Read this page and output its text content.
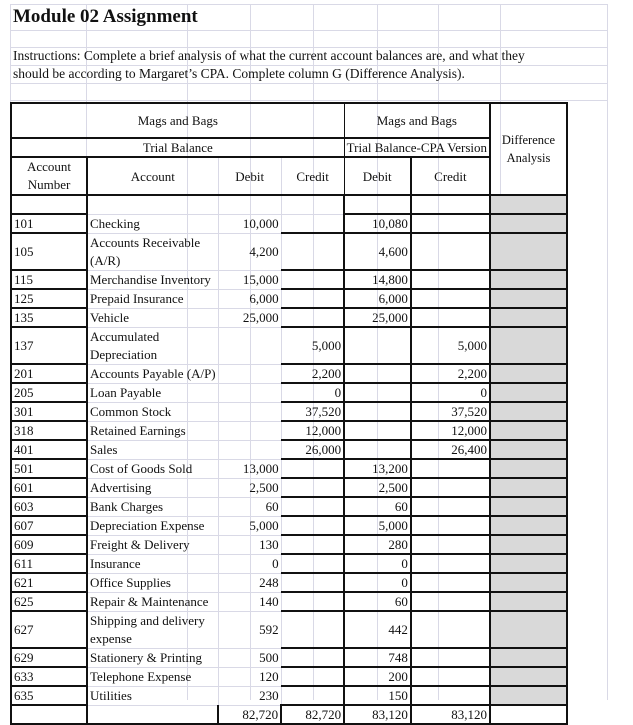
Module 02 Assignment
Instructions: Complete a brief analysis of what the current account balances are, and what they
should be according to Margaret’s CPA. Complete column G (Difference Analysis).
Mags and Bags				Mags and Bags		Difference Analysis
Trial Balance				Trial Balance-CPA Version		
Account Number	Account	Debit	Credit	Debit	Credit	

101	Checking	10,000		10,080		
105	Accounts Receivable (A/R)	4,200		4,600		
115	Merchandise Inventory	15,000		14,800		
125	Prepaid Insurance	6,000		6,000		
135	Vehicle	25,000		25,000		
137	Accumulated Depreciation		5,000		5,000	
201	Accounts Payable (A/P)		2,200		2,200	
205	Loan Payable		0		0	
301	Common Stock		37,520		37,520	
318	Retained Earnings		12,000		12,000	
401	Sales		26,000		26,400	
501	Cost of Goods Sold	13,000		13,200		
601	Advertising	2,500		2,500		
603	Bank Charges	60		60		
607	Depreciation Expense	5,000		5,000		
609	Freight & Delivery	130		280		
611	Insurance	0		0		
621	Office Supplies	248		0		
625	Repair & Maintenance	140		60		
627	Shipping and delivery expense	592		442		
629	Stationery & Printing	500		748		
633	Telephone Expense	120		200		
635	Utilities	230		150		
		82,720	82,720	83,120	83,120	
